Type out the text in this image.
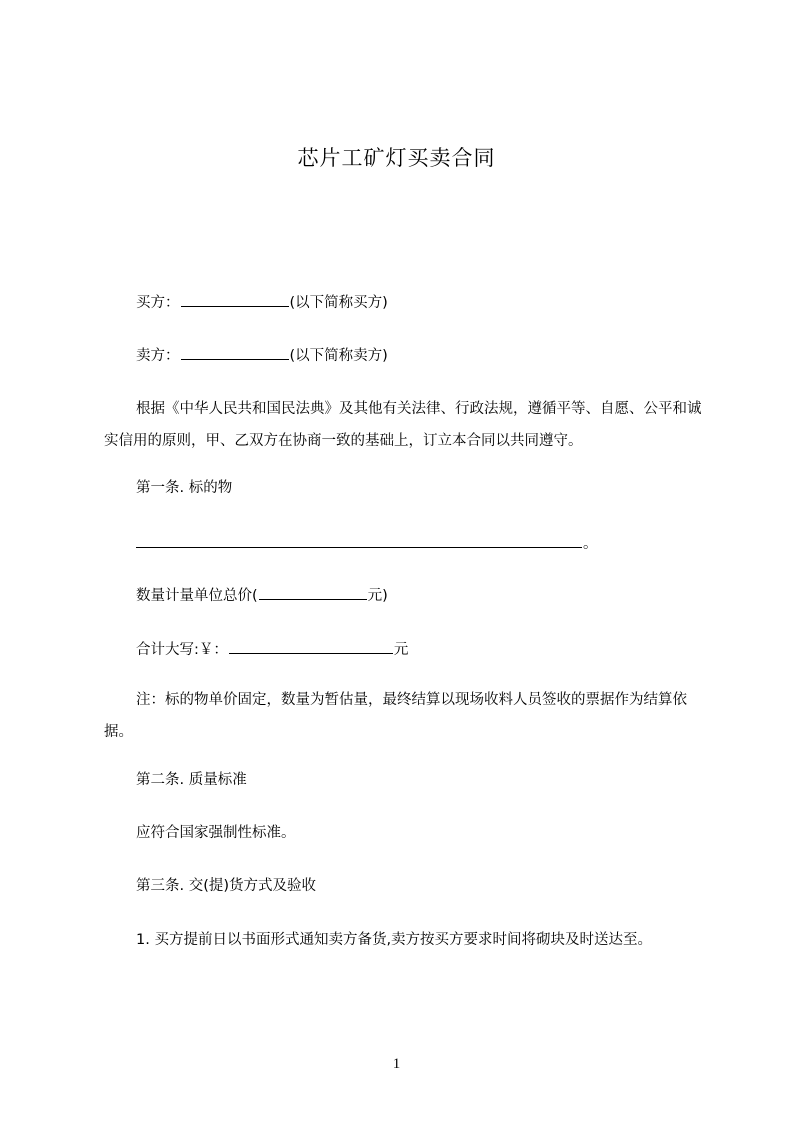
芯片工矿灯买卖合同
买方：	(以下简称买方)
卖方：	(以下简称卖方)
根据《中华人民共和国民法典》及其他有关法律、行政法规，遵循平等、自愿、公平和诚实信用的原则，甲、乙双方在协商一致的基础上，订立本合同以共同遵守。
第一条. 标的物
。
数量计量单位总价(	元)
合计大写:￥：	元
注：标的物单价固定，数量为暂估量，最终结算以现场收料人员签收的票据作为结算依据。
第二条. 质量标准
应符合国家强制性标准。
第三条. 交(提)货方式及验收
1. 买方提前日以书面形式通知卖方备货,卖方按买方要求时间将砌块及时送达至。
1
